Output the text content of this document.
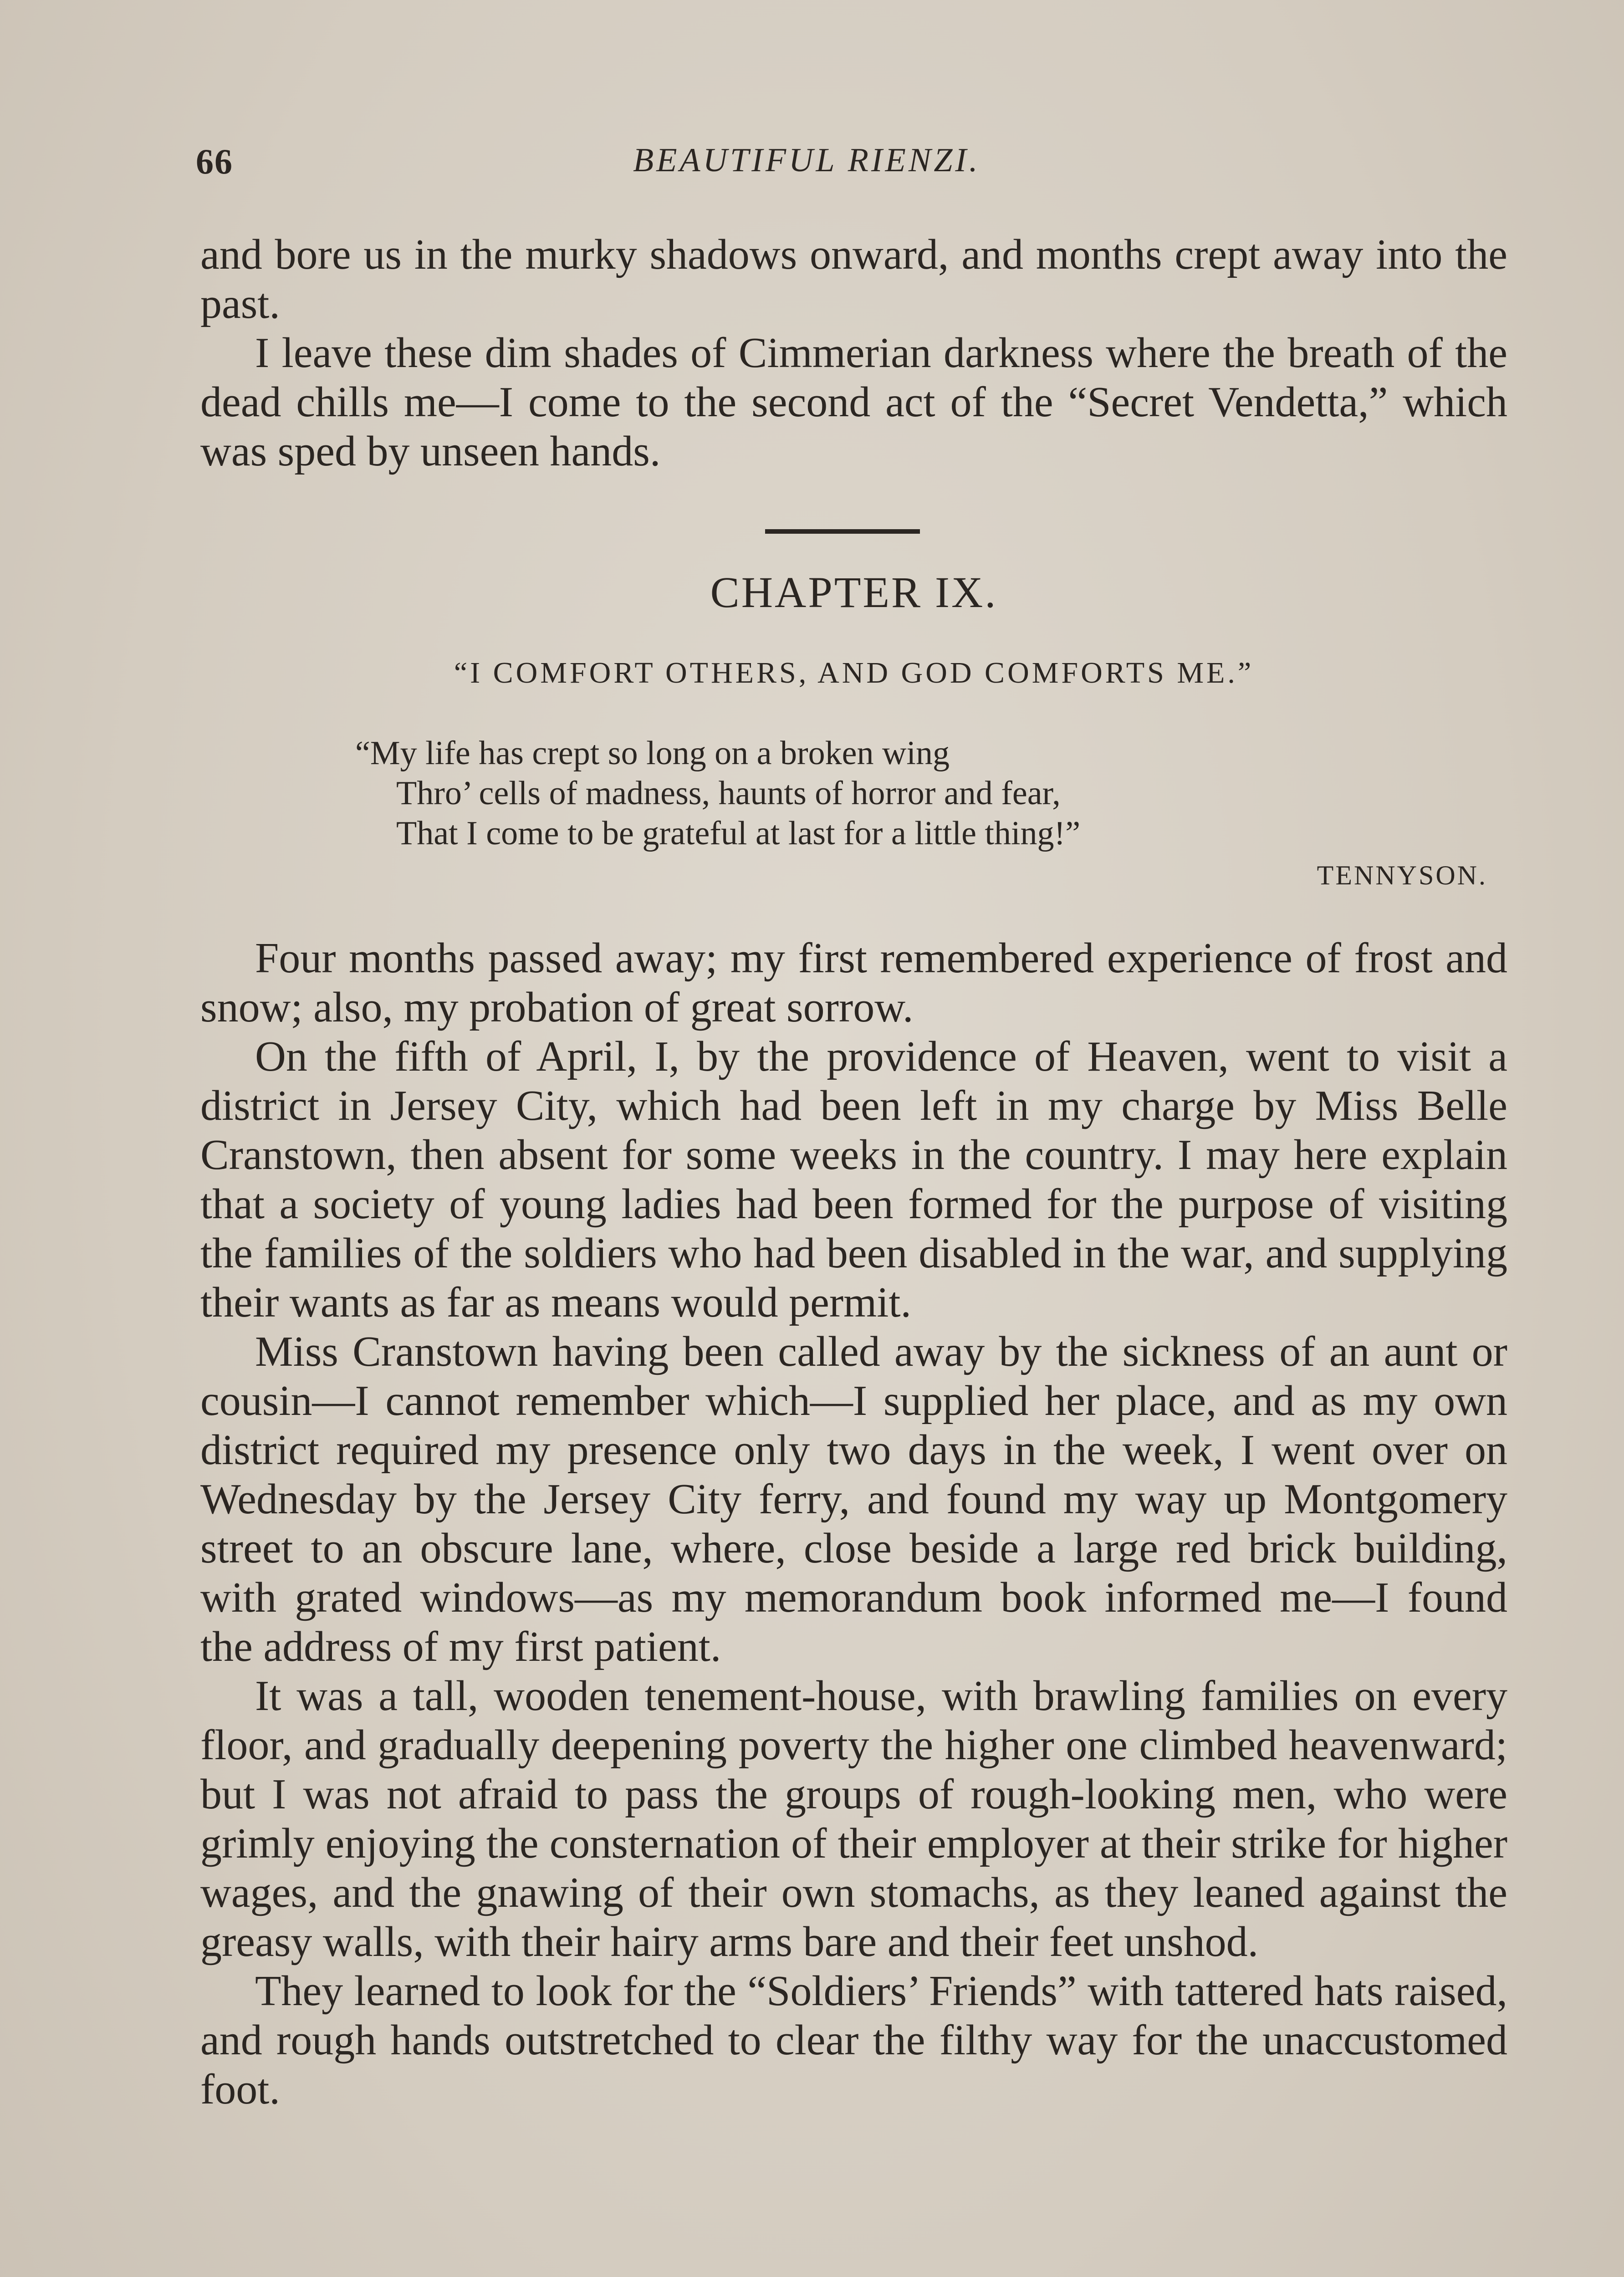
66	BEAUTIFUL RIENZI.

and bore us in the murky shadows onward, and months crept away into the past.

I leave these dim shades of Cimmerian darkness where the breath of the dead chills me—I come to the second act of the “Secret Vendetta,” which was sped by unseen hands.

CHAPTER IX.
“I COMFORT OTHERS, AND GOD COMFORTS ME.”
“My life has crept so long on a broken wing
Thro’ cells of madness, haunts of horror and fear,
That I come to be grateful at last for a little thing!”
TENNYSON.

Four months passed away; my first remembered experience of frost and snow; also, my probation of great sorrow.

On the fifth of April, I, by the providence of Heaven, went to visit a district in Jersey City, which had been left in my charge by Miss Belle Cranstown, then absent for some weeks in the country. I may here explain that a society of young ladies had been formed for the purpose of visiting the families of the soldiers who had been disabled in the war, and supplying their wants as far as means would permit.

Miss Cranstown having been called away by the sickness of an aunt or cousin—I cannot remember which—I supplied her place, and as my own district required my presence only two days in the week, I went over on Wednesday by the Jersey City ferry, and found my way up Montgomery street to an obscure lane, where, close beside a large red brick building, with grated windows—as my memorandum book informed me—I found the address of my first patient.

It was a tall, wooden tenement-house, with brawling families on every floor, and gradually deepening poverty the higher one climbed heavenward; but I was not afraid to pass the groups of rough-looking men, who were grimly enjoying the consternation of their employer at their strike for higher wages, and the gnawing of their own stomachs, as they leaned against the greasy walls, with their hairy arms bare and their feet unshod.

They learned to look for the “Soldiers’ Friends” with tattered hats raised, and rough hands outstretched to clear the filthy way for the unaccustomed foot.
